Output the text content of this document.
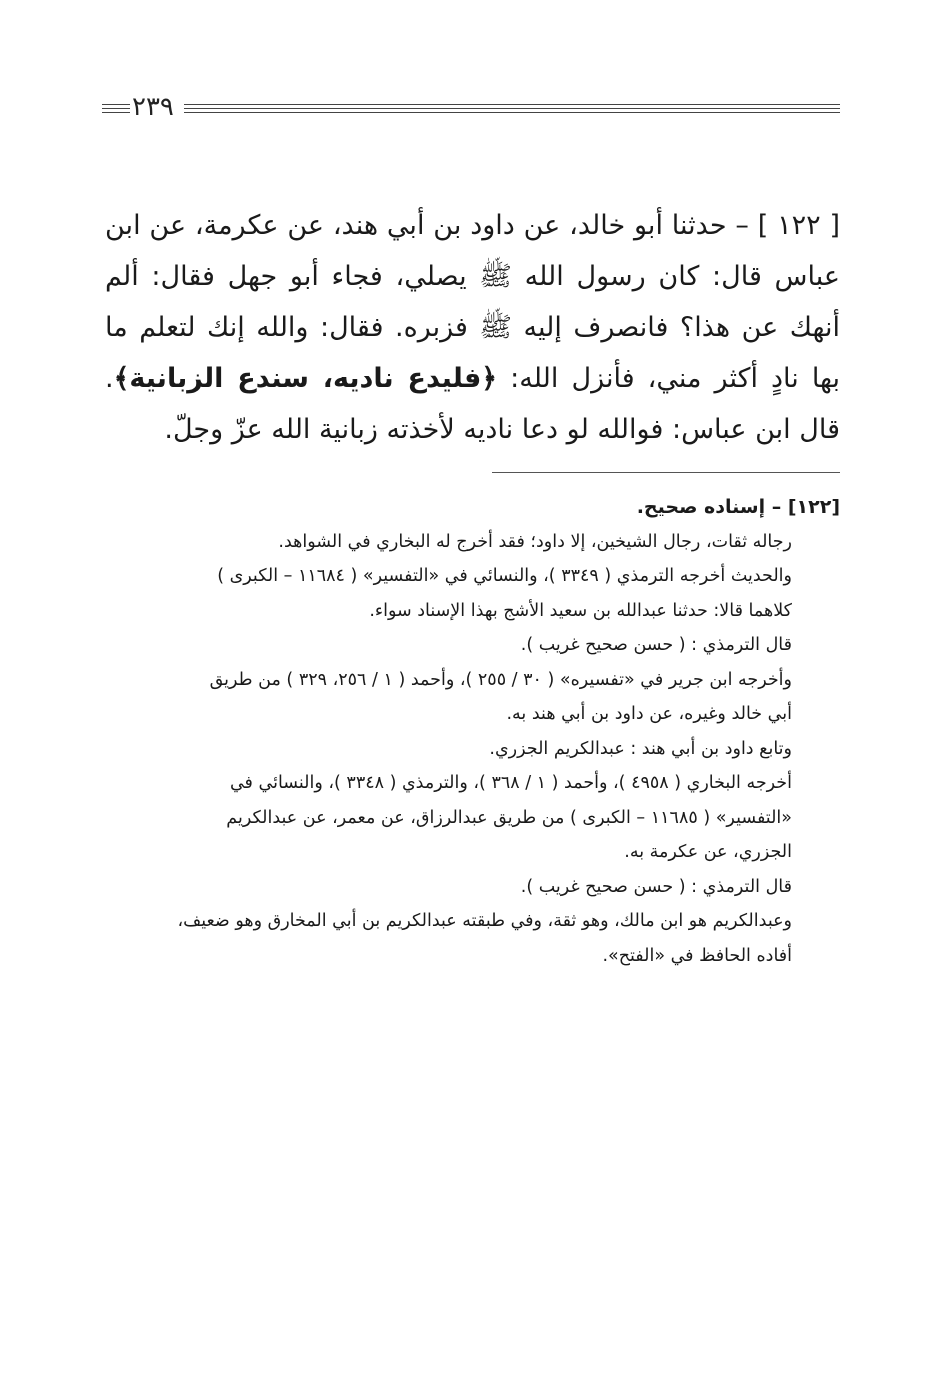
٢٣٩

[ ١٢٢ ] – حدثنا أبو خالد، عن داود بن أبي هند، عن عكرمة، عن ابن عباس قال: كان رسول الله ﷺ يصلي، فجاء أبو جهل فقال: ألم أنهك عن هذا؟ فانصرف إليه ﷺ فزبره. فقال: والله إنك لتعلم ما بها نادٍ أكثر مني، فأنزل الله: ﴿فليدع ناديه، سندع الزبانية﴾. قال ابن عباس: فوالله لو دعا ناديه لأخذته زبانية الله عزّ وجلّ.

[١٢٢] – إسناده صحيح.

رجاله ثقات، رجال الشيخين، إلا داود؛ فقد أخرج له البخاري في الشواهد.

والحديث أخرجه الترمذي ( ٣٣٤٩ )، والنسائي في «التفسير» ( ١١٦٨٤ – الكبرى )

كلاهما قالا: حدثنا عبدالله بن سعيد الأشج بهذا الإسناد سواء.

قال الترمذي : ( حسن صحيح غريب ).

وأخرجه ابن جرير في «تفسيره» ( ٣٠ / ٢٥٥ )، وأحمد ( ١ / ٢٥٦، ٣٢٩ ) من طريق

أبي خالد وغيره، عن داود بن أبي هند به.

وتابع داود بن أبي هند : عبدالكريم الجزري.

أخرجه البخاري ( ٤٩٥٨ )، وأحمد ( ١ / ٣٦٨ )، والترمذي ( ٣٣٤٨ )، والنسائي في

«التفسير» ( ١١٦٨٥ – الكبرى ) من طريق عبدالرزاق، عن معمر، عن عبدالكريم

الجزري، عن عكرمة به.

قال الترمذي : ( حسن صحيح غريب ).

وعبدالكريم هو ابن مالك، وهو ثقة، وفي طبقته عبدالكريم بن أبي المخارق وهو ضعيف،

أفاده الحافظ في «الفتح».
